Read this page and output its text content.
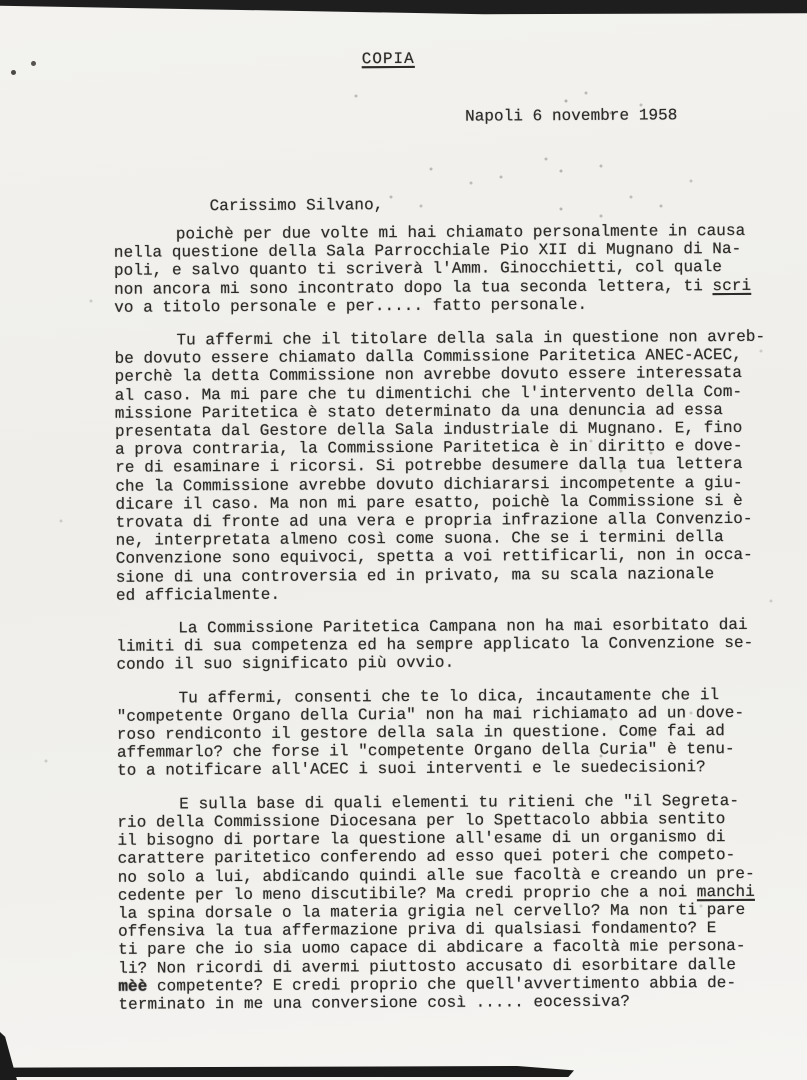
COPIA
Napoli 6 novembre 1958
Carissimo Silvano,
poichè per due volte mi hai chiamato personalmente in causa
nella questione della Sala Parrocchiale Pio XII di Mugnano di Na-
poli, e salvo quanto ti scriverà l'Amm. Ginocchietti, col quale
non ancora mi sono incontrato dopo la tua seconda lettera, ti scri
vo a titolo personale e per..... fatto personale.
Tu affermi che il titolare della sala in questione non avreb-
be dovuto essere chiamato dalla Commissione Paritetica ANEC-ACEC,
perchè la detta Commissione non avrebbe dovuto essere interessata
al caso. Ma mi pare che tu dimentichi che l'intervento della Com-
missione Paritetica è stato determinato da una denuncia ad essa
presentata dal Gestore della Sala industriale di Mugnano. E, fino
a prova contraria, la Commissione Paritetica è in diritto e dove-
re di esaminare i ricorsi. Si potrebbe desumere dalla tua lettera
che la Commissione avrebbe dovuto dichiararsi incompetente a giu-
dicare il caso. Ma non mi pare esatto, poichè la Commissione si è
trovata di fronte ad una vera e propria infrazione alla Convenzio-
ne, interpretata almeno così come suona. Che se i termini della
Convenzione sono equivoci, spetta a voi rettificarli, non in occa-
sione di una controversia ed in privato, ma su scala nazionale
ed afficialmente.
La Commissione Paritetica Campana non ha mai esorbitato dai
limiti di sua competenza ed ha sempre applicato la Convenzione se-
condo il suo significato più ovvio.
Tu affermi, consenti che te lo dica, incautamente che il
"competente Organo della Curia" non ha mai richiamato ad un dove-
roso rendiconto il gestore della sala in questione. Come fai ad
affemmarlo? che forse il "competente Organo della Curia" è tenu-
to a notificare all'ACEC i suoi interventi e le suedecisioni?
E sulla base di quali elementi tu ritieni che "il Segreta-
rio della Commissione Diocesana per lo Spettacolo abbia sentito
il bisogno di portare la questione all'esame di un organismo di
carattere paritetico conferendo ad esso quei poteri che competo-
no solo a lui, abdicando quindi alle sue facoltà e creando un pre-
cedente per lo meno discutibile? Ma credi proprio che a noi manchi
la spina dorsale o la materia grigia nel cervello? Ma non ti pare
offensiva la tua affermazione priva di qualsiasi fondamento? E
ti pare che io sia uomo capace di abdicare a facoltà mie persona-
li? Non ricordi di avermi piuttosto accusato di esorbitare dalle
mèè competente? E credi proprio che quell'avvertimento abbia de-
terminato in me una conversione così ..... eocessiva?
